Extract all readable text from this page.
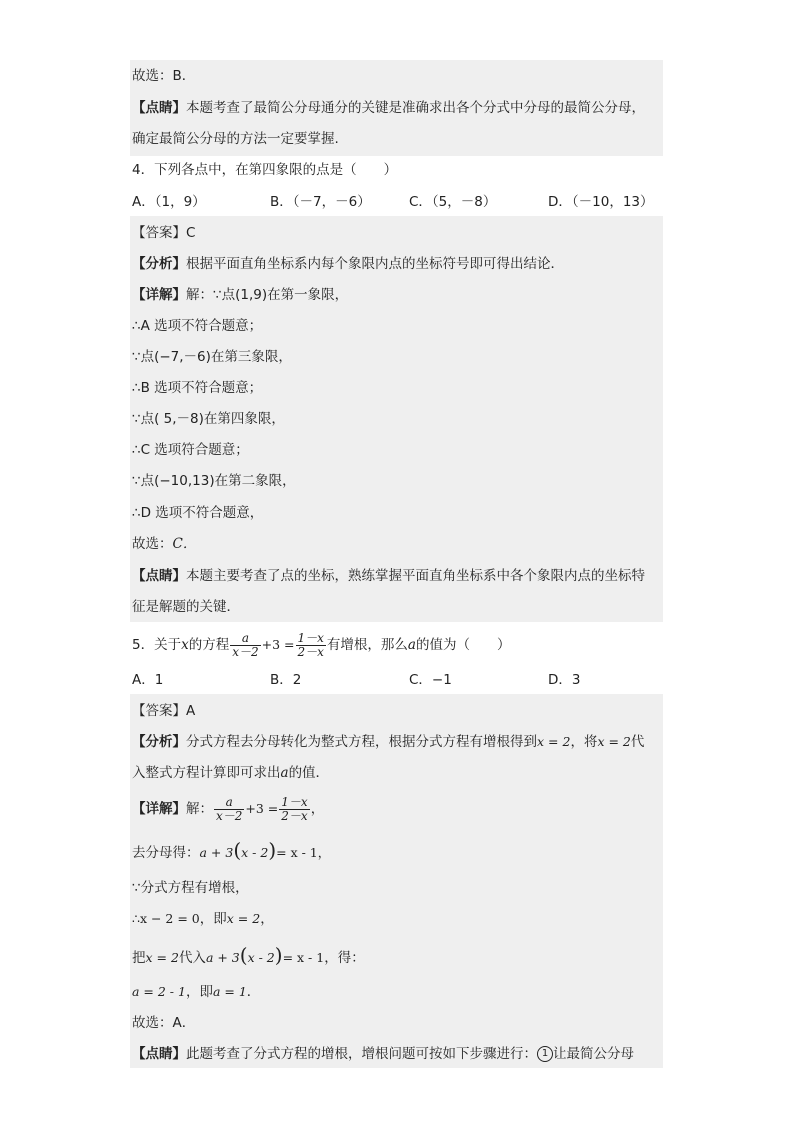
故选：B．
【点睛】本题考查了最简公分母通分的关键是准确求出各个分式中分母的最简公分母，
确定最简公分母的方法一定要掌握.
4．下列各点中，在第四象限的点是（　　）
A．（1，9）	B．（－7，－6）	C．（5，－8）	D．（－10，13）
【答案】C
【分析】根据平面直角坐标系内每个象限内点的坐标符号即可得出结论．
【详解】解：∵点(1,9)在第一象限，
∴A 选项不符合题意；
∵点(−7,－6)在第三象限，
∴B 选项不符合题意；
∵点( 5,－8)在第四象限，
∴C 选项符合题意；
∵点(−10,13)在第二象限，
∴D 选项不符合题意，
故选：C．
【点睛】本题主要考查了点的坐标，熟练掌握平面直角坐标系中各个象限内点的坐标特
征是解题的关键．
5．关于x的方程 $\frac{a}{x-2} +3 = \frac{1-x}{2-x}$ 有增根，那么a的值为（　　）
A．1	B．2	C．−1	D．3
【答案】A
【分析】分式方程去分母转化为整式方程，根据分式方程有增根得到x = 2，将x = 2代
入整式方程计算即可求出a的值．
【详解】解： $\frac{a}{x-2} +3 = \frac{1-x}{2-x}$ ，
去分母得：a + 3(x - 2)= x - 1，
∵分式方程有增根，
∴x − 2 = 0，即x = 2，
把x = 2代入a + 3(x - 2)= x - 1，得：
a = 2 - 1，即a = 1．
故选：A．
【点睛】此题考查了分式方程的增根，增根问题可按如下步骤进行： 1 让最简公分母
